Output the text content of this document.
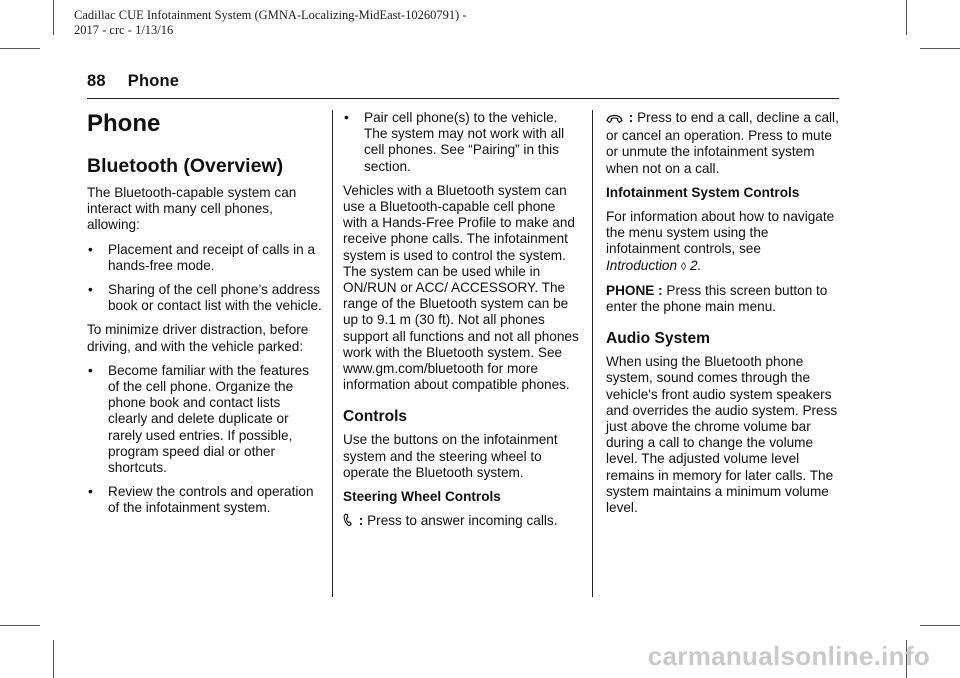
Cadillac CUE Infotainment System (GMNA-Localizing-MidEast-10260791) -
2017 - crc - 1/13/16
88 Phone
Phone
Bluetooth (Overview)

The Bluetooth-capable system can interact with many cell phones, allowing:

• Placement and receipt of calls in a hands-free mode.
• Sharing of the cell phone’s address book or contact list with the vehicle.

To minimize driver distraction, before driving, and with the vehicle parked:

• Become familiar with the features of the cell phone. Organize the phone book and contact lists clearly and delete duplicate or rarely used entries. If possible, program speed dial or other shortcuts.
• Review the controls and operation of the infotainment system.
• Pair cell phone(s) to the vehicle. The system may not work with all cell phones. See “Pairing” in this section.

Vehicles with a Bluetooth system can use a Bluetooth-capable cell phone with a Hands-Free Profile to make and receive phone calls. The infotainment system is used to control the system. The system can be used while in ON/RUN or ACC/ ACCESSORY. The range of the Bluetooth system can be up to 9.1 m (30 ft). Not all phones support all functions and not all phones work with the Bluetooth system. See www.gm.com/bluetooth for more information about compatible phones.

Controls

Use the buttons on the infotainment system and the steering wheel to operate the Bluetooth system.

Steering Wheel Controls

: Press to answer incoming calls.

: Press to end a call, decline a call, or cancel an operation. Press to mute or unmute the infotainment system when not on a call.

Infotainment System Controls

For information about how to navigate the menu system using the infotainment controls, see
Introduction ◊ 2.

PHONE : Press this screen button to enter the phone main menu.

Audio System

When using the Bluetooth phone system, sound comes through the vehicle's front audio system speakers and overrides the audio system. Press just above the chrome volume bar during a call to change the volume level. The adjusted volume level remains in memory for later calls. The system maintains a minimum volume level.

carmanualsonline.info
